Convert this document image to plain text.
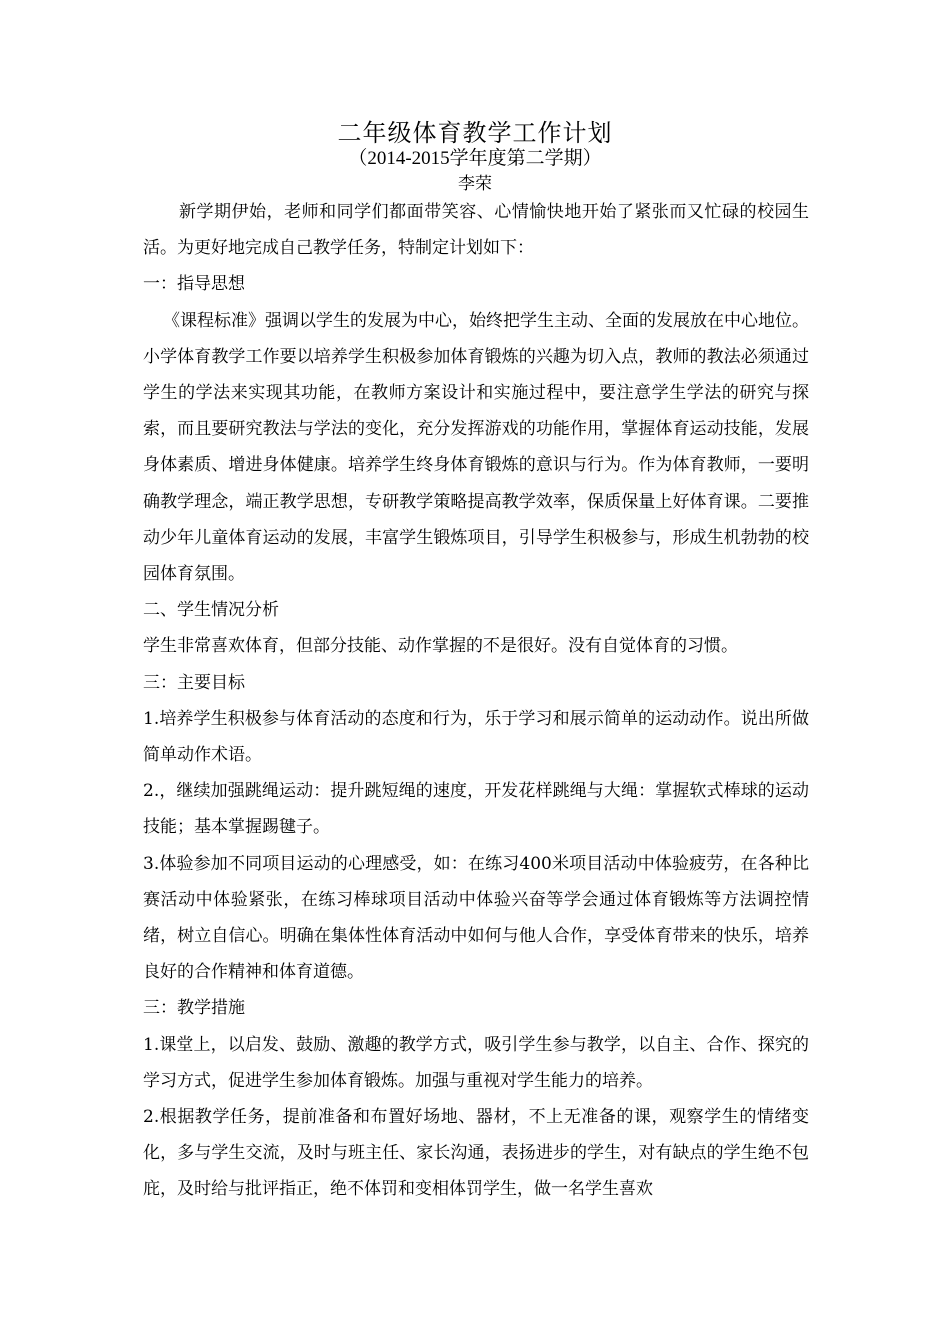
二年级体育教学工作计划
（2014-2015学年度第二学期）
李荣

新学期伊始，老师和同学们都面带笑容、心情愉快地开始了紧张而又忙碌的校园生活。为更好地完成自己教学任务，特制定计划如下：

一：指导思想

《课程标准》强调以学生的发展为中心，始终把学生主动、全面的发展放在中心地位。小学体育教学工作要以培养学生积极参加体育锻炼的兴趣为切入点，教师的教法必须通过学生的学法来实现其功能，在教师方案设计和实施过程中，要注意学生学法的研究与探索，而且要研究教法与学法的变化，充分发挥游戏的功能作用，掌握体育运动技能，发展身体素质、增进身体健康。培养学生终身体育锻炼的意识与行为。作为体育教师，一要明确教学理念，端正教学思想，专研教学策略提高教学效率，保质保量上好体育课。二要推动少年儿童体育运动的发展，丰富学生锻炼项目，引导学生积极参与，形成生机勃勃的校园体育氛围。

二、学生情况分析

学生非常喜欢体育，但部分技能、动作掌握的不是很好。没有自觉体育的习惯。

三：主要目标

1.培养学生积极参与体育活动的态度和行为，乐于学习和展示简单的运动动作。说出所做简单动作术语。

2.，继续加强跳绳运动：提升跳短绳的速度，开发花样跳绳与大绳：掌握软式棒球的运动技能；基本掌握踢毽子。

3.体验参加不同项目运动的心理感受，如：在练习400米项目活动中体验疲劳，在各种比赛活动中体验紧张，在练习棒球项目活动中体验兴奋等学会通过体育锻炼等方法调控情绪，树立自信心。明确在集体性体育活动中如何与他人合作，享受体育带来的快乐，培养良好的合作精神和体育道德。

三：教学措施

1.课堂上，以启发、鼓励、激趣的教学方式，吸引学生参与教学，以自主、合作、探究的学习方式，促进学生参加体育锻炼。加强与重视对学生能力的培养。

2.根据教学任务，提前准备和布置好场地、器材，不上无准备的课，观察学生的情绪变化，多与学生交流，及时与班主任、家长沟通，表扬进步的学生，对有缺点的学生绝不包庇，及时给与批评指正，绝不体罚和变相体罚学生，做一名学生喜欢
